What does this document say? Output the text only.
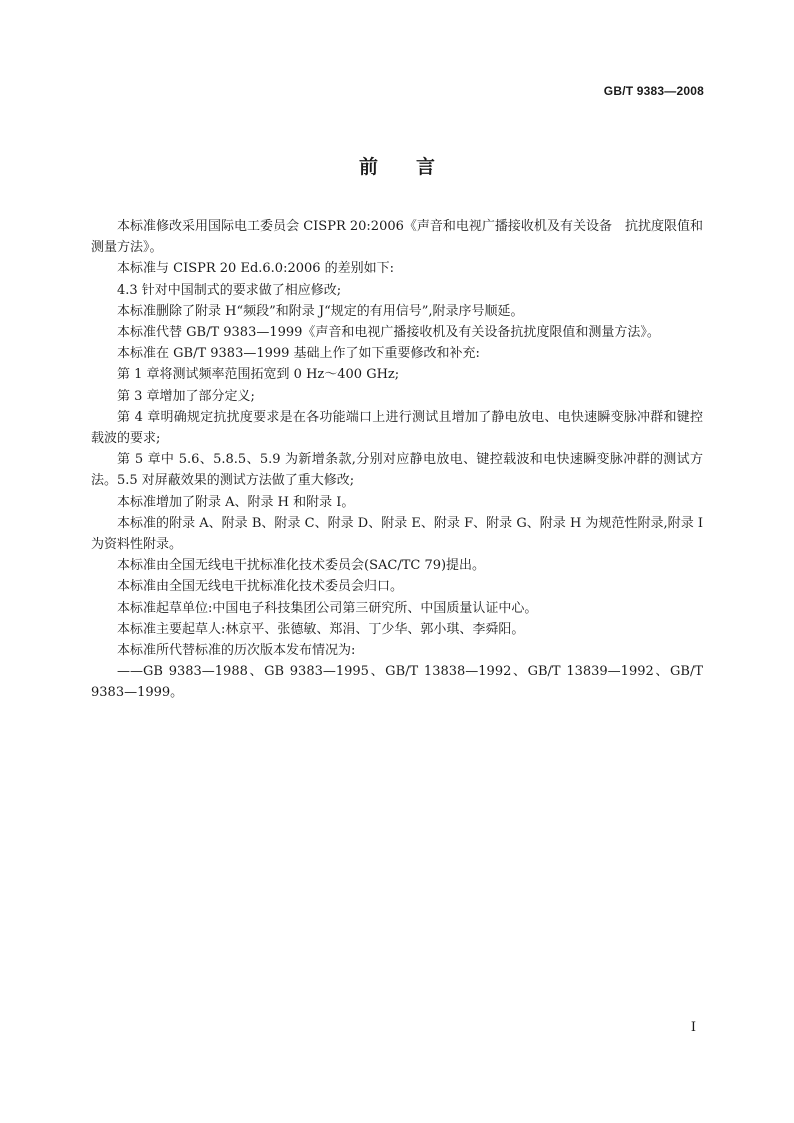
GB/T 9383—2008
前 言

本标准修改采用国际电工委员会 CISPR 20:2006《声音和电视广播接收机及有关设备　抗扰度限值和测量方法》。

本标准与 CISPR 20 Ed.6.0:2006 的差别如下:

4.3 针对中国制式的要求做了相应修改;

本标准删除了附录 H“频段”和附录 J“规定的有用信号”,附录序号顺延。

本标准代替 GB/T 9383—1999《声音和电视广播接收机及有关设备抗扰度限值和测量方法》。

本标准在 GB/T 9383—1999 基础上作了如下重要修改和补充:

第 1 章将测试频率范围拓宽到 0 Hz～400 GHz;

第 3 章增加了部分定义;

第 4 章明确规定抗扰度要求是在各功能端口上进行测试且增加了静电放电、电快速瞬变脉冲群和键控载波的要求;

第 5 章中 5.6、5.8.5、5.9 为新增条款,分别对应静电放电、键控载波和电快速瞬变脉冲群的测试方法。5.5 对屏蔽效果的测试方法做了重大修改;

本标准增加了附录 A、附录 H 和附录 I。

本标准的附录 A、附录 B、附录 C、附录 D、附录 E、附录 F、附录 G、附录 H 为规范性附录,附录 I 为资料性附录。

本标准由全国无线电干扰标准化技术委员会(SAC/TC 79)提出。

本标准由全国无线电干扰标准化技术委员会归口。

本标准起草单位:中国电子科技集团公司第三研究所、中国质量认证中心。

本标准主要起草人:林京平、张德敏、郑涓、丁少华、郭小琪、李舜阳。

本标准所代替标准的历次版本发布情况为:

——GB 9383—1988、GB 9383—1995、GB/T 13838—1992、GB/T 13839—1992、GB/T 9383—1999。

I
